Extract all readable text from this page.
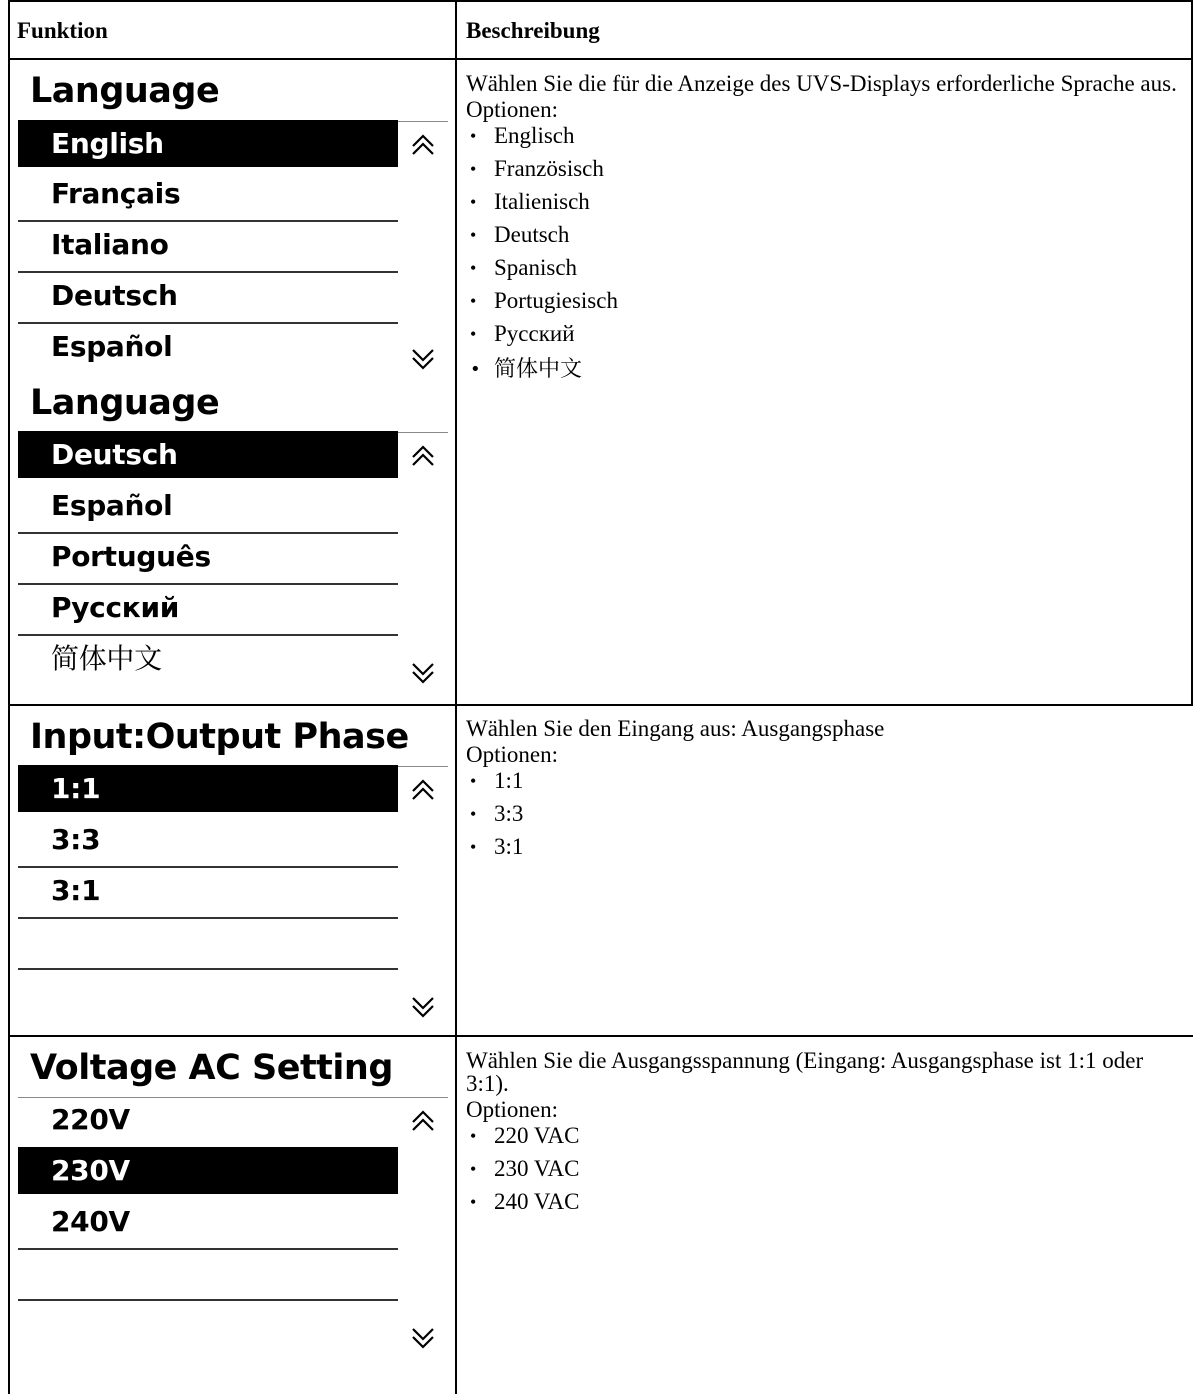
Funktion	Beschreibung
Language
English
Français
Italiano
Deutsch
Español
Language
Deutsch
Español
Português
Русский
简体中文

Wählen Sie die für die Anzeige des UVS-Displays erforderliche Sprache aus.

Optionen:

• Englisch
• Französisch
• Italienisch
• Deutsch
• Spanisch
• Portugiesisch
• Русский
• 简体中文
Input:Output Phase
1:1
3:3
3:1

Wählen Sie den Eingang aus: Ausgangsphase

Optionen:

• 1:1
• 3:3
• 3:1
Voltage AC Setting
220V
230V
240V

Wählen Sie die Ausgangsspannung (Eingang: Ausgangsphase ist 1:1 oder 3:1).

Optionen:

• 220 VAC
• 230 VAC
• 240 VAC
